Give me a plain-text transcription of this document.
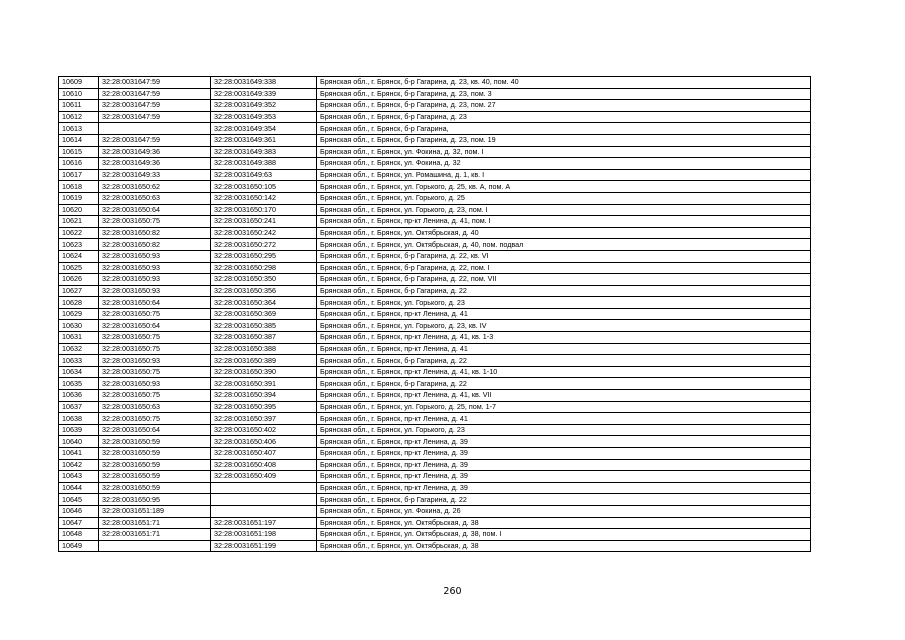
10609	32:28:0031647:59	32:28:0031649:338	Брянская обл., г. Брянск, б-р Гагарина, д. 23, кв. 40, пом. 40
10610	32:28:0031647:59	32:28:0031649:339	Брянская обл., г. Брянск, б-р Гагарина, д. 23, пом. 3
10611	32:28:0031647:59	32:28:0031649:352	Брянская обл., г. Брянск, б-р Гагарина, д. 23, пом. 27
10612	32:28:0031647:59	32:28:0031649:353	Брянская обл., г. Брянск, б-р Гагарина, д. 23
10613		32:28:0031649:354	Брянская обл., г. Брянск, б-р Гагарина,
10614	32:28:0031647:59	32:28:0031649:361	Брянская обл., г. Брянск, б-р Гагарина, д. 23, пом. 19
10615	32:28:0031649:36	32:28:0031649:383	Брянская обл., г. Брянск, ул. Фокина, д. 32, пом. I
10616	32:28:0031649:36	32:28:0031649:388	Брянская обл., г. Брянск, ул. Фокина, д. 32
10617	32:28:0031649:33	32:28:0031649:63	Брянская обл., г. Брянск, ул. Ромашина, д. 1, кв. I
10618	32:28:0031650:62	32:28:0031650:105	Брянская обл., г. Брянск, ул. Горького, д. 25, кв. А, пом. А
10619	32:28:0031650:63	32:28:0031650:142	Брянская обл., г. Брянск, ул. Горького, д. 25
10620	32:28:0031650:64	32:28:0031650:170	Брянская обл., г. Брянск, ул. Горького, д. 23, пом. I
10621	32:28:0031650:75	32:28:0031650:241	Брянская обл., г. Брянск, пр-кт Ленина, д. 41, пом. I
10622	32:28:0031650:82	32:28:0031650:242	Брянская обл., г. Брянск, ул. Октябрьская, д. 40
10623	32:28:0031650:82	32:28:0031650:272	Брянская обл., г. Брянск, ул. Октябрьская, д. 40, пом. подвал
10624	32:28:0031650:93	32:28:0031650:295	Брянская обл., г. Брянск, б-р Гагарина, д. 22, кв. VI
10625	32:28:0031650:93	32:28:0031650:298	Брянская обл., г. Брянск, б-р Гагарина, д. 22, пом. I
10626	32:28:0031650:93	32:28:0031650:350	Брянская обл., г. Брянск, б-р Гагарина, д. 22, пом. VII
10627	32:28:0031650:93	32:28:0031650:356	Брянская обл., г. Брянск, б-р Гагарина, д. 22
10628	32:28:0031650:64	32:28:0031650:364	Брянская обл., г. Брянск, ул. Горького, д. 23
10629	32:28:0031650:75	32:28:0031650:369	Брянская обл., г. Брянск, пр-кт Ленина, д. 41
10630	32:28:0031650:64	32:28:0031650:385	Брянская обл., г. Брянск, ул. Горького, д. 23, кв. IV
10631	32:28:0031650:75	32:28:0031650:387	Брянская обл., г. Брянск, пр-кт Ленина, д. 41, кв. 1-3
10632	32:28:0031650:75	32:28:0031650:388	Брянская обл., г. Брянск, пр-кт Ленина, д. 41
10633	32:28:0031650:93	32:28:0031650:389	Брянская обл., г. Брянск, б-р Гагарина, д. 22
10634	32:28:0031650:75	32:28:0031650:390	Брянская обл., г. Брянск, пр-кт Ленина, д. 41, кв. 1-10
10635	32:28:0031650:93	32:28:0031650:391	Брянская обл., г. Брянск, б-р Гагарина, д. 22
10636	32:28:0031650:75	32:28:0031650:394	Брянская обл., г. Брянск, пр-кт Ленина, д. 41, кв. VII
10637	32:28:0031650:63	32:28:0031650:395	Брянская обл., г. Брянск, ул. Горького, д. 25, пом. 1-7
10638	32:28:0031650:75	32:28:0031650:397	Брянская обл., г. Брянск, пр-кт Ленина, д. 41
10639	32:28:0031650:64	32:28:0031650:402	Брянская обл., г. Брянск, ул. Горького, д. 23
10640	32:28:0031650:59	32:28:0031650:406	Брянская обл., г. Брянск, пр-кт Ленина, д. 39
10641	32:28:0031650:59	32:28:0031650:407	Брянская обл., г. Брянск, пр-кт Ленина, д. 39
10642	32:28:0031650:59	32:28:0031650:408	Брянская обл., г. Брянск, пр-кт Ленина, д. 39
10643	32:28:0031650:59	32:28:0031650:409	Брянская обл., г. Брянск, пр-кт Ленина, д. 39
10644	32:28:0031650:59		Брянская обл., г. Брянск, пр-кт Ленина, д. 39
10645	32:28:0031650:95		Брянская обл., г. Брянск, б-р Гагарина, д. 22
10646	32:28:0031651:189		Брянская обл., г. Брянск, ул. Фокина, д. 26
10647	32:28:0031651:71	32:28:0031651:197	Брянская обл., г. Брянск, ул. Октябрьская, д. 38
10648	32:28:0031651:71	32:28:0031651:198	Брянская обл., г. Брянск, ул. Октябрьская, д. 38, пом. I
10649		32:28:0031651:199	Брянская обл., г. Брянск, ул. Октябрьская, д. 38
260
